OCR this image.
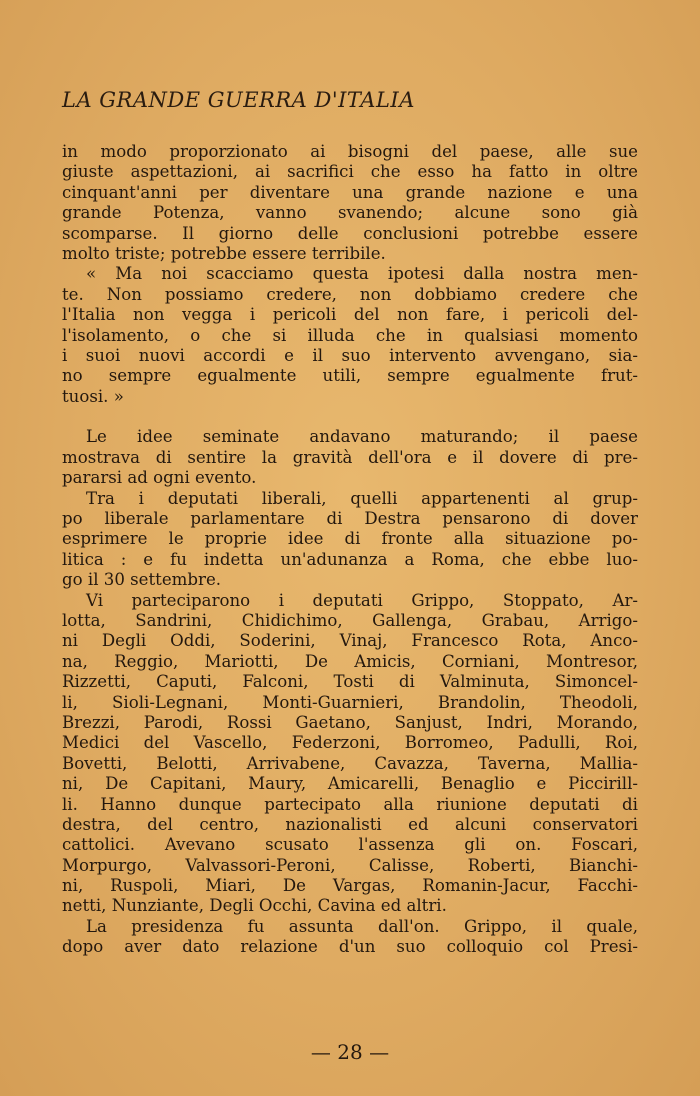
LA GRANDE GUERRA D'ITALIA
in modo proporzionato ai bisogni del paese, alle sue
giuste aspettazioni, ai sacrifici che esso ha fatto in oltre
cinquant'anni per diventare una grande nazione e una
grande Potenza, vanno svanendo; alcune sono già
scomparse. Il giorno delle conclusioni potrebbe essere
molto triste; potrebbe essere terribile.
« Ma noi scacciamo questa ipotesi dalla nostra men-
te. Non possiamo credere, non dobbiamo credere che
l'Italia non vegga i pericoli del non fare, i pericoli del-
l'isolamento, o che si illuda che in qualsiasi momento
i suoi nuovi accordi e il suo intervento avvengano, sia-
no sempre egualmente utili, sempre egualmente frut-
tuosi. »
Le idee seminate andavano maturando; il paese
mostrava di sentire la gravità dell'ora e il dovere di pre-
pararsi ad ogni evento.
Tra i deputati liberali, quelli appartenenti al grup-
po liberale parlamentare di Destra pensarono di dover
esprimere le proprie idee di fronte alla situazione po-
litica : e fu indetta un'adunanza a Roma, che ebbe luo-
go il 30 settembre.
Vi parteciparono i deputati Grippo, Stoppato, Ar-
lotta, Sandrini, Chidichimo, Gallenga, Grabau, Arrigo-
ni Degli Oddi, Soderini, Vinaj, Francesco Rota, Anco-
na, Reggio, Mariotti, De Amicis, Corniani, Montresor,
Rizzetti, Caputi, Falconi, Tosti di Valminuta, Simoncel-
li, Sioli-Legnani, Monti-Guarnieri, Brandolin, Theodoli,
Brezzi, Parodi, Rossi Gaetano, Sanjust, Indri, Morando,
Medici del Vascello, Federzoni, Borromeo, Padulli, Roi,
Bovetti, Belotti, Arrivabene, Cavazza, Taverna, Mallia-
ni, De Capitani, Maury, Amicarelli, Benaglio e Piccirill-
li. Hanno dunque partecipato alla riunione deputati di
destra, del centro, nazionalisti ed alcuni conservatori
cattolici. Avevano scusato l'assenza gli on. Foscari,
Morpurgo, Valvassori-Peroni, Calisse, Roberti, Bianchi-
ni, Ruspoli, Miari, De Vargas, Romanin-Jacur, Facchi-
netti, Nunziante, Degli Occhi, Cavina ed altri.
La presidenza fu assunta dall'on. Grippo, il quale,
dopo aver dato relazione d'un suo colloquio col Presi-
— 28 —
